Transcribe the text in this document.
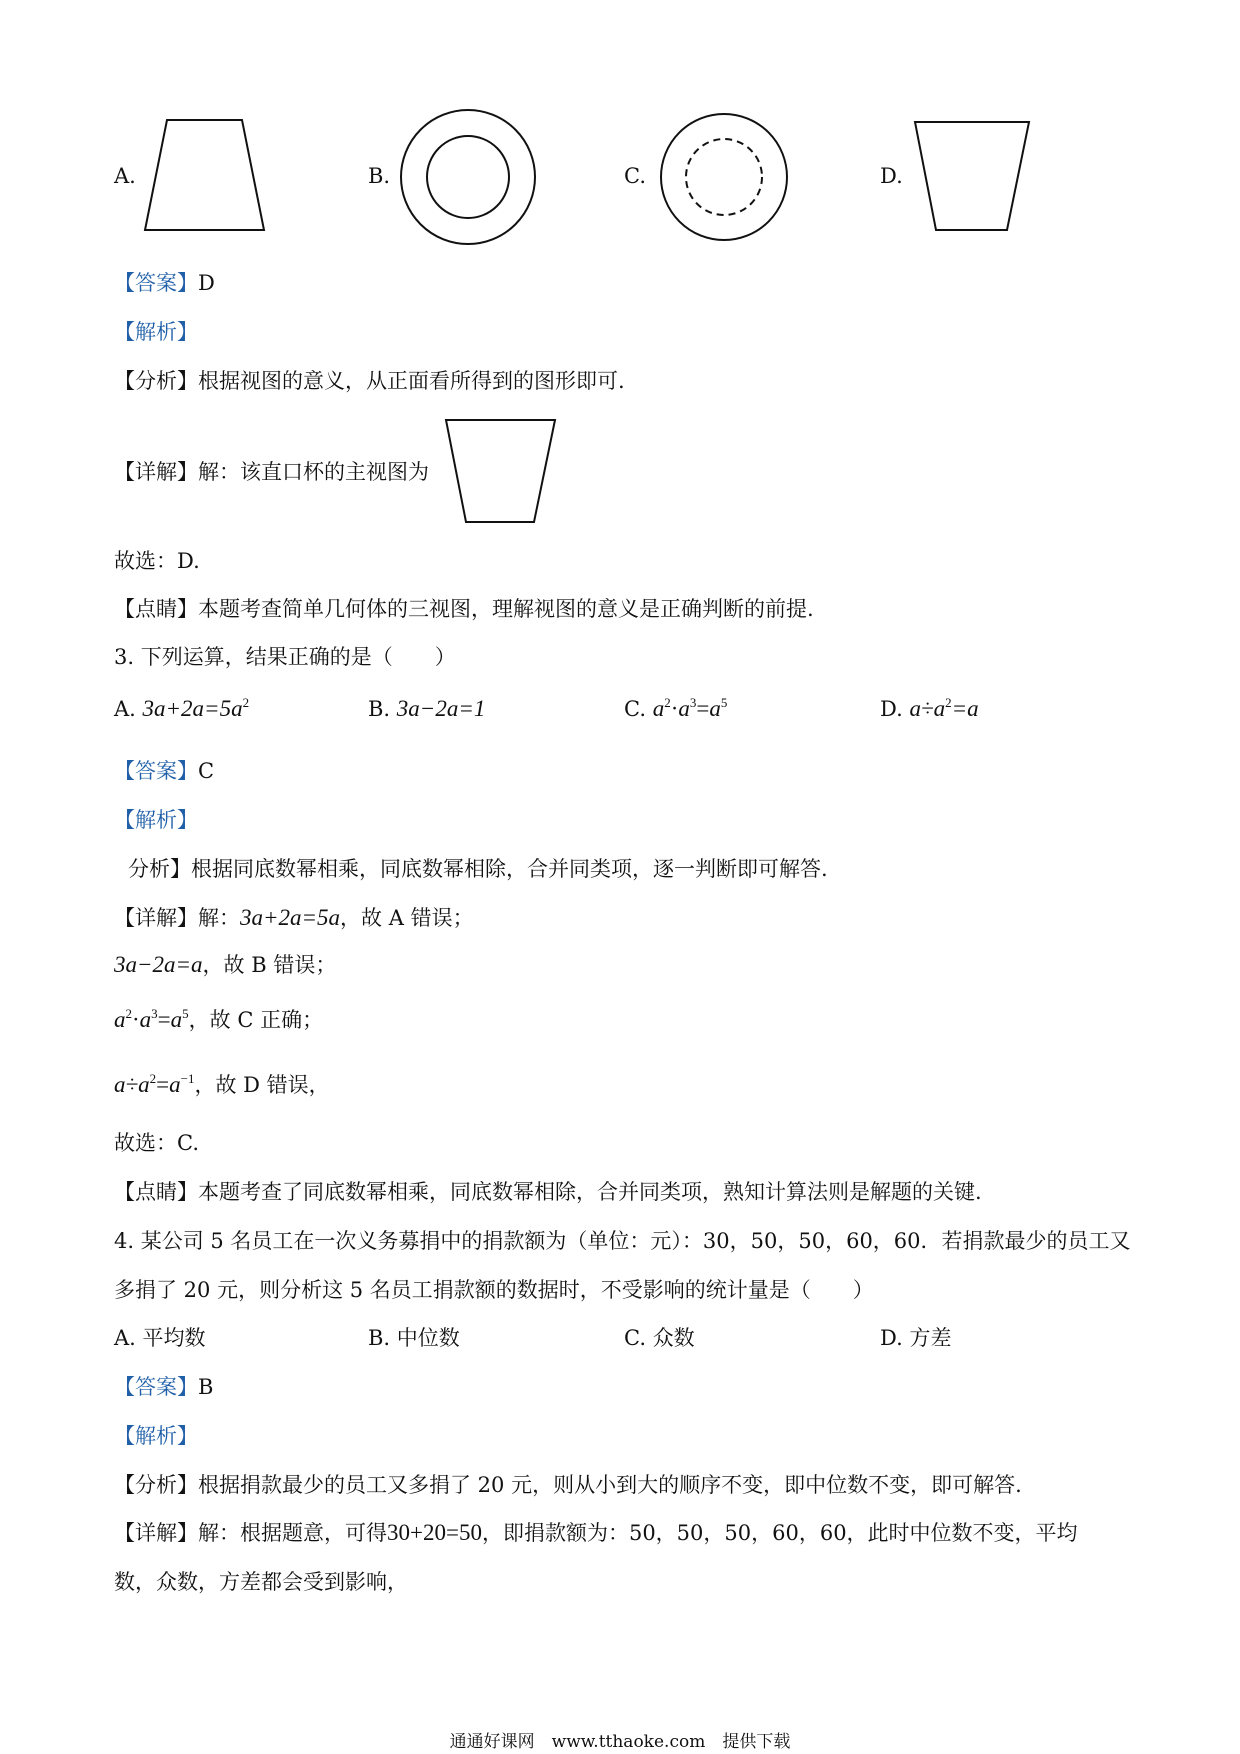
A.	B.	C.	D.
【答案】D
【解析】
【分析】根据视图的意义，从正面看所得到的图形即可.
【详解】解：该直口杯的主视图为
故选：D.
【点睛】本题考查简单几何体的三视图，理解视图的意义是正确判断的前提.
3. 下列运算，结果正确的是（　　）
A. $3a+2a=5a^2$	B. 3a−2a=1	C. $a^2\cdot a^3=a^5$	D. $a\div a^2=a$
【答案】C
【解析】
分析】根据同底数幂相乘，同底数幂相除，合并同类项，逐一判断即可解答.
【详解】解：3a+2a=5a，故 A 错误；
3a−2a=a，故 B 错误；
$a^2\cdot a^3=a^5$，故 C 正确；
$a\div a^2=a^{-1}$，故 D 错误，
故选：C.
【点睛】本题考查了同底数幂相乘，同底数幂相除，合并同类项，熟知计算法则是解题的关键.
4. 某公司 5 名员工在一次义务募捐中的捐款额为（单位：元）：30，50，50，60，60．若捐款最少的员工又
多捐了 20 元，则分析这 5 名员工捐款额的数据时，不受影响的统计量是（　　）
A. 平均数	B. 中位数	C. 众数	D. 方差
【答案】B
【解析】
【分析】根据捐款最少的员工又多捐了 20 元，则从小到大的顺序不变，即中位数不变，即可解答.
【详解】解：根据题意，可得30+20=50，即捐款额为：50，50，50，60，60，此时中位数不变，平均
数，众数，方差都会受到影响，
通通好课网　www.tthaoke.com　提供下载
